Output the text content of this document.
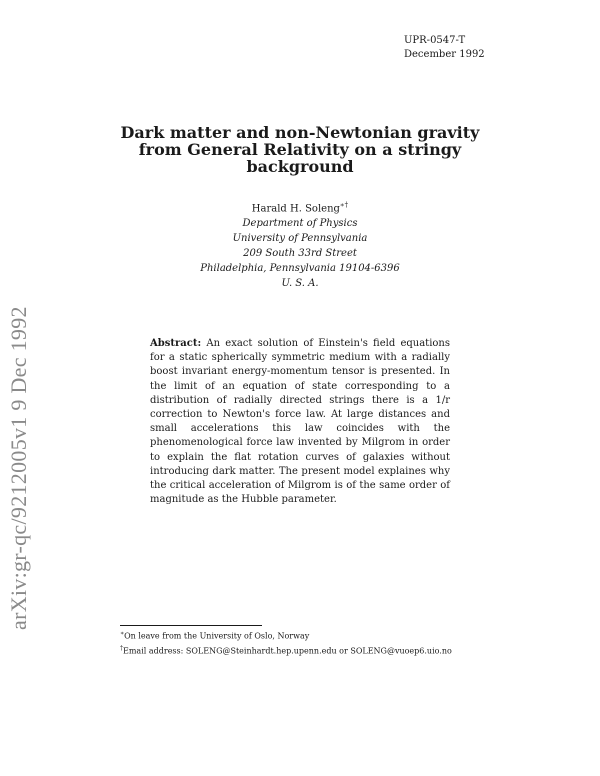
UPR-0547-T
December 1992
arXiv:gr-qc/9212005v1 9 Dec 1992
Dark matter and non-Newtonian gravity
from General Relativity on a stringy
background
Harald H. Soleng∗†
Department of Physics
University of Pennsylvania
209 South 33rd Street
Philadelphia, Pennsylvania 19104-6396
U. S. A.
Abstract: An exact solution of Einstein's field equations for a static spherically symmetric medium with a radially boost invariant energy-momentum tensor is presented. In the limit of an equation of state corresponding to a distribution of radially directed strings there is a 1/r correction to Newton's force law. At large distances and small accelerations this law coincides with the phenomenological force law invented by Milgrom in order to explain the flat rotation curves of galaxies without introducing dark matter. The present model explaines why the critical acceleration of Milgrom is of the same order of magnitude as the Hubble parameter.
∗On leave from the University of Oslo, Norway
†Email address: SOLENG@Steinhardt.hep.upenn.edu or SOLENG@vuoep6.uio.no
